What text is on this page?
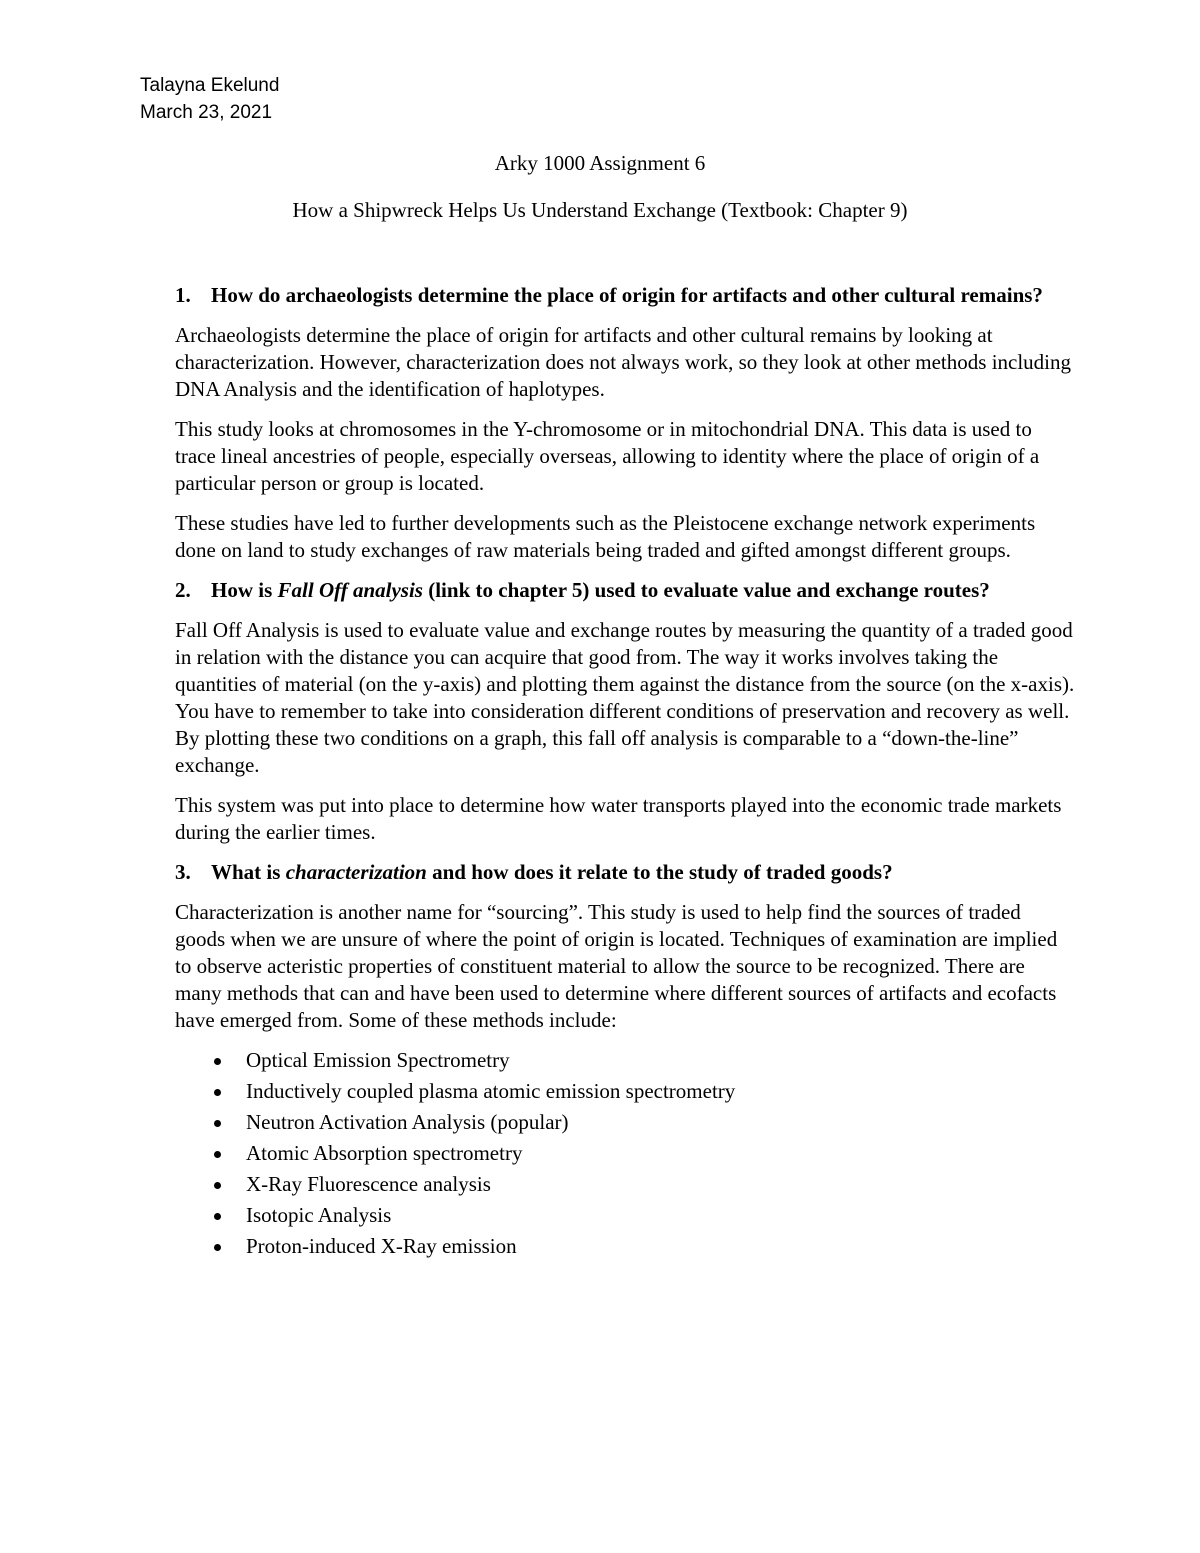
Talayna Ekelund
March 23, 2021
Arky 1000 Assignment 6
How a Shipwreck Helps Us Understand Exchange (Textbook: Chapter 9)
1. How do archaeologists determine the place of origin for artifacts and other cultural remains?

Archaeologists determine the place of origin for artifacts and other cultural remains by looking at characterization. However, characterization does not always work, so they look at other methods including DNA Analysis and the identification of haplotypes.

This study looks at chromosomes in the Y-chromosome or in mitochondrial DNA. This data is used to trace lineal ancestries of people, especially overseas, allowing to identity where the place of origin of a particular person or group is located.

These studies have led to further developments such as the Pleistocene exchange network experiments done on land to study exchanges of raw materials being traded and gifted amongst different groups.

2. How is Fall Off analysis (link to chapter 5) used to evaluate value and exchange routes?

Fall Off Analysis is used to evaluate value and exchange routes by measuring the quantity of a traded good in relation with the distance you can acquire that good from. The way it works involves taking the quantities of material (on the y-axis) and plotting them against the distance from the source (on the x-axis). You have to remember to take into consideration different conditions of preservation and recovery as well. By plotting these two conditions on a graph, this fall off analysis is comparable to a “down-the-line” exchange.

This system was put into place to determine how water transports played into the economic trade markets during the earlier times.

3. What is characterization and how does it relate to the study of traded goods?

Characterization is another name for “sourcing”. This study is used to help find the sources of traded goods when we are unsure of where the point of origin is located. Techniques of examination are implied to observe acteristic properties of constituent material to allow the source to be recognized. There are many methods that can and have been used to determine where different sources of artifacts and ecofacts have emerged from. Some of these methods include:

Optical Emission Spectrometry
Inductively coupled plasma atomic emission spectrometry
Neutron Activation Analysis (popular)
Atomic Absorption spectrometry
X-Ray Fluorescence analysis
Isotopic Analysis
Proton-induced X-Ray emission
